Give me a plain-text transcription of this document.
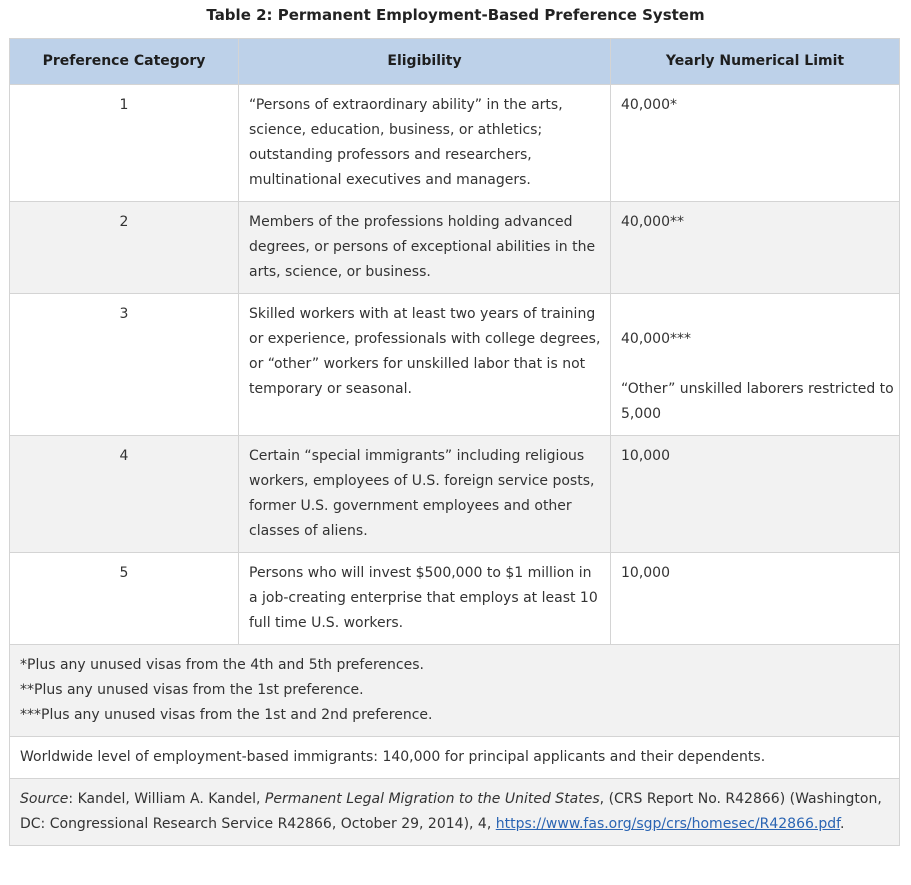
Table 2: Permanent Employment-Based Preference System
Preference Category	Eligibility	Yearly Numerical Limit
1	“Persons of extraordinary ability” in the arts, science, education, business, or athletics; outstanding professors and researchers, multinational executives and managers.	40,000*
2	Members of the professions holding advanced degrees, or persons of exceptional abilities in the arts, science, or business.	40,000**
3	Skilled workers with at least two years of training or experience, professionals with college degrees, or “other” workers for unskilled labor that is not temporary or seasonal.	40,000***
“Other” unskilled laborers restricted to 5,000

4	Certain “special immigrants” including religious workers, employees of U.S. foreign service posts, former U.S. government employees and other classes of aliens.	10,000
5	Persons who will invest $500,000 to $1 million in a job-creating enterprise that employs at least 10 full time U.S. workers.	10,000

*Plus any unused visas from the 4th and 5th preferences.
**Plus any unused visas from the 1st preference.
***Plus any unused visas from the 1st and 2nd preference.		

Worldwide level of employment-based immigrants: 140,000 for principal applicants and their dependents.		
Source: Kandel, William A. Kandel, Permanent Legal Migration to the United States, (CRS Report No. R42866) (Washington, DC: Congressional Research Service R42866, October 29, 2014), 4, https://www.fas.org/sgp/crs/homesec/R42866.pdf.		
